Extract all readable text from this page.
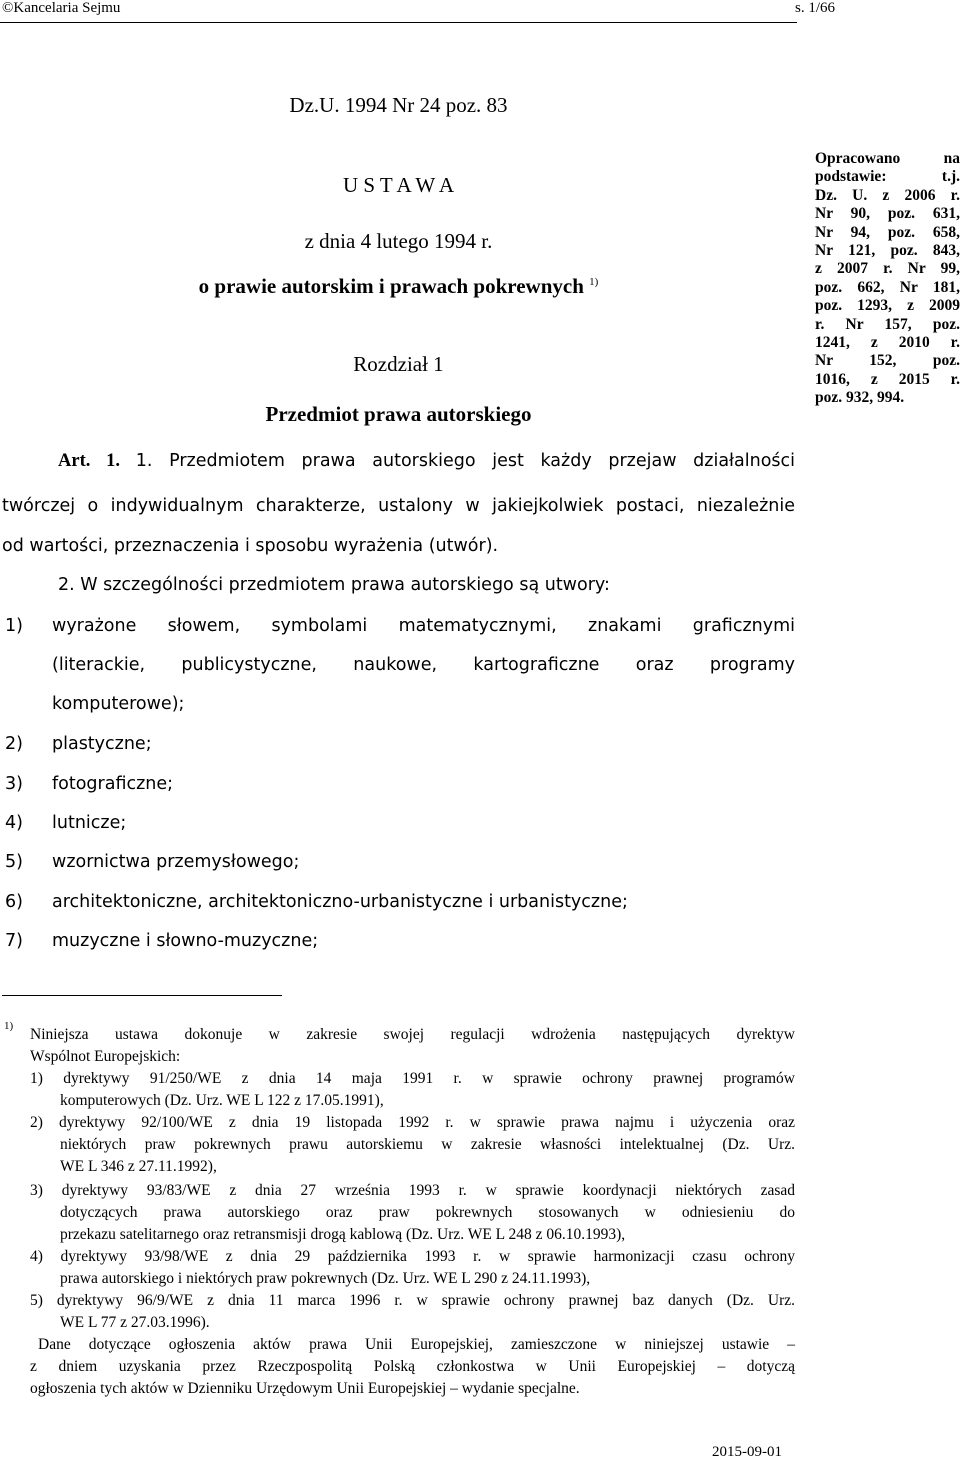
©Kancelaria Sejmu	s. 1/66
Dz.U. 1994 Nr 24 poz. 83
U S T A W A
z dnia 4 lutego 1994 r.
o prawie autorskim i prawach pokrewnych $^{1)}$
Rozdział 1
Przedmiot prawa autorskiego
Opracowano na
podstawie: t.j.
Dz. U. z 2006 r.
Nr 90, poz. 631,
Nr 94, poz. 658,
Nr 121, poz. 843,
z 2007 r. Nr 99,
poz. 662, Nr 181,
poz. 1293, z 2009
r. Nr 157, poz.
1241, z 2010 r.
Nr 152, poz.
1016, z 2015 r.
poz. 932, 994.
Art. 1. 1. Przedmiotem prawa autorskiego jest każdy przejaw działalności
twórczej o indywidualnym charakterze, ustalony w jakiejkolwiek postaci, niezależnie
od wartości, przeznaczenia i sposobu wyrażenia (utwór).
2. W szczególności przedmiotem prawa autorskiego są utwory:
1) wyrażone słowem, symbolami matematycznymi, znakami graficznymi
(literackie, publicystyczne, naukowe, kartograficzne oraz programy
komputerowe);
2) plastyczne;
3) fotograficzne;
4) lutnicze;
5) wzornictwa przemysłowego;
6) architektoniczne, architektoniczno-urbanistyczne i urbanistyczne;
7) muzyczne i słowno-muzyczne;
1) Niniejsza ustawa dokonuje w zakresie swojej regulacji wdrożenia następujących dyrektyw
Wspólnot Europejskich:
1) dyrektywy 91/250/WE z dnia 14 maja 1991 r. w sprawie ochrony prawnej programów
komputerowych (Dz. Urz. WE L 122 z 17.05.1991),
2) dyrektywy 92/100/WE z dnia 19 listopada 1992 r. w sprawie prawa najmu i użyczenia oraz
niektórych praw pokrewnych prawu autorskiemu w zakresie własności intelektualnej (Dz. Urz.
WE L 346 z 27.11.1992),
3) dyrektywy 93/83/WE z dnia 27 września 1993 r. w sprawie koordynacji niektórych zasad
dotyczących prawa autorskiego oraz praw pokrewnych stosowanych w odniesieniu do
przekazu satelitarnego oraz retransmisji drogą kablową (Dz. Urz. WE L 248 z 06.10.1993),
4) dyrektywy 93/98/WE z dnia 29 października 1993 r. w sprawie harmonizacji czasu ochrony
prawa autorskiego i niektórych praw pokrewnych (Dz. Urz. WE L 290 z 24.11.1993),
5) dyrektywy 96/9/WE z dnia 11 marca 1996 r. w sprawie ochrony prawnej baz danych (Dz. Urz.
WE L 77 z 27.03.1996).
Dane dotyczące ogłoszenia aktów prawa Unii Europejskiej, zamieszczone w niniejszej ustawie –
z dniem uzyskania przez Rzeczpospolitą Polską członkostwa w Unii Europejskiej – dotyczą
ogłoszenia tych aktów w Dzienniku Urzędowym Unii Europejskiej – wydanie specjalne.
2015-09-01
